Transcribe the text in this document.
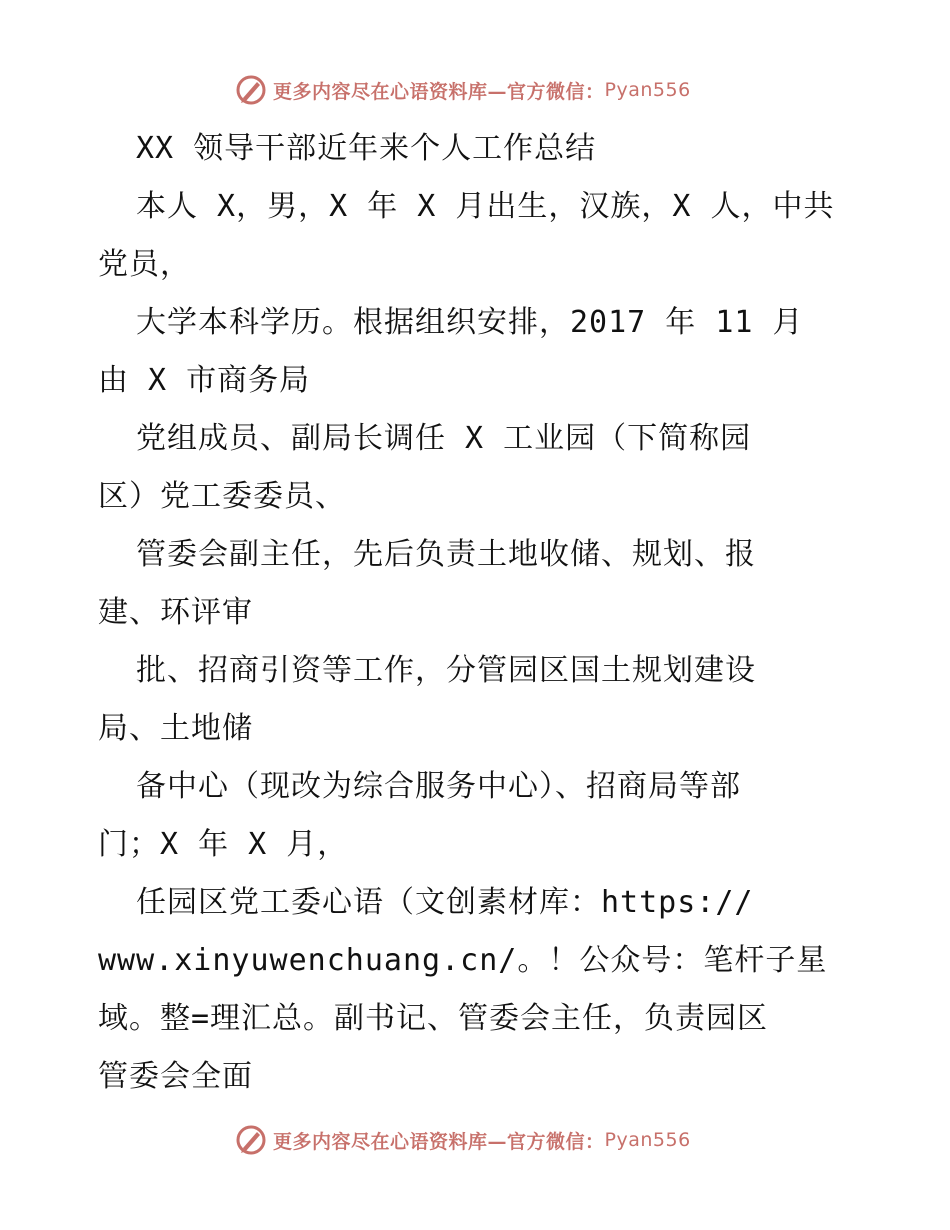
更多内容尽在心语资料库—官方微信： Pyan556
XX 领导干部近年来个人工作总结
本人 X，男，X 年 X 月出生，汉族，X 人，中共
党员，
大学本科学历。根据组织安排，2017 年 11 月
由 X 市商务局
党组成员、副局长调任 X 工业园（下简称园
区）党工委委员、
管委会副主任，先后负责土地收储、规划、报
建、环评审
批、招商引资等工作，分管园区国土规划建设
局、土地储
备中心（现改为综合服务中心）、招商局等部
门；X 年 X 月，
任园区党工委心语（文创素材库：https://
www.xinyuwenchuang.cn/。！公众号：笔杆子星
域。整=理汇总。副书记、管委会主任，负责园区
管委会全面
更多内容尽在心语资料库—官方微信： Pyan556
